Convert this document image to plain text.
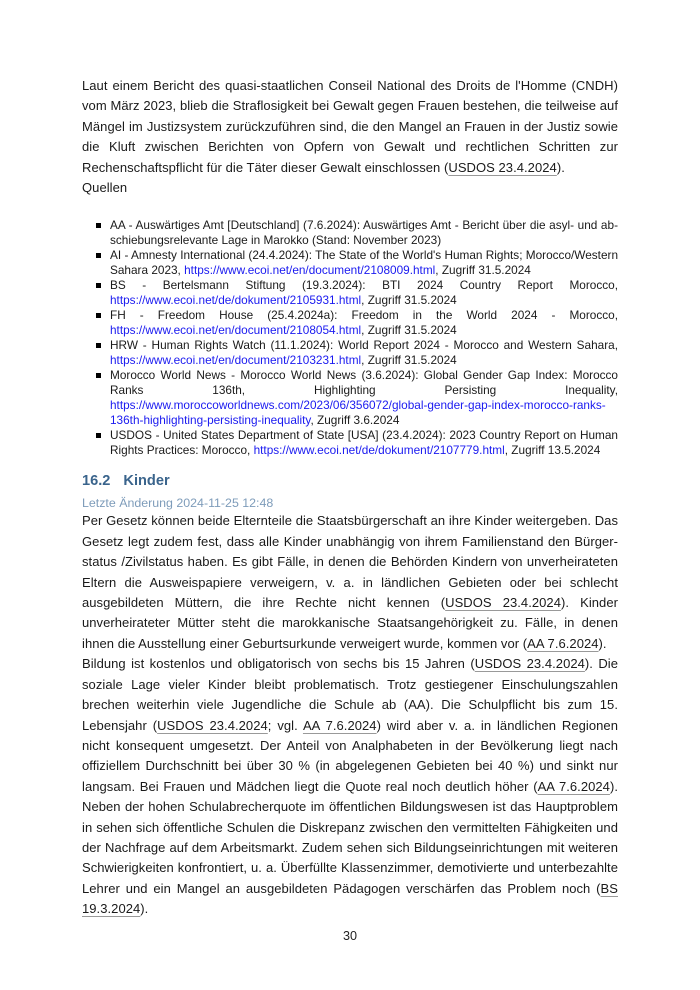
Laut einem Bericht des quasi-staatlichen Conseil National des Droits de l'Homme (CNDH) vom März 2023, blieb die Straflosigkeit bei Gewalt gegen Frauen bestehen, die teilweise auf Mängel im Justizsystem zurückzuführen sind, die den Mangel an Frauen in der Justiz sowie die Kluft zwischen Berichten von Opfern von Gewalt und rechtlichen Schritten zur Rechenschaftspflicht für die Täter dieser Gewalt einschlossen (USDOS 23.4.2024).

Quellen

AA - Auswärtiges Amt [Deutschland] (7.6.2024): Auswärtiges Amt - Bericht über die asyl- und abschiebungsrelevante Lage in Marokko (Stand: November 2023)
AI - Amnesty International (24.4.2024): The State of the World's Human Rights; Morocco/Western Sahara 2023, https://www.ecoi.net/en/document/2108009.html, Zugriff 31.5.2024
BS - Bertelsmann Stiftung (19.3.2024): BTI 2024 Country Report Morocco, https://www.ecoi.net/de/dokument/2105931.html, Zugriff 31.5.2024
FH - Freedom House (25.4.2024a): Freedom in the World 2024 - Morocco, https://www.ecoi.net/en/document/2108054.html, Zugriff 31.5.2024
HRW - Human Rights Watch (11.1.2024): World Report 2024 - Morocco and Western Sahara, https://www.ecoi.net/en/document/2103231.html, Zugriff 31.5.2024
Morocco World News - Morocco World News (3.6.2024): Global Gender Gap Index: Morocco Ranks 136th, Highlighting Persisting Inequality, https://www.moroccoworldnews.com/2023/06/356072/global-gender-gap-index-morocco-ranks-136th-highlighting-persisting-inequality, Zugriff 3.6.2024
USDOS - United States Department of State [USA] (23.4.2024): 2023 Country Report on Human Rights Practices: Morocco, https://www.ecoi.net/de/dokument/2107779.html, Zugriff 13.5.2024
16.2 Kinder
Letzte Änderung 2024-11-25 12:48

Per Gesetz können beide Elternteile die Staatsbürgerschaft an ihre Kinder weitergeben. Das Gesetz legt zudem fest, dass alle Kinder unabhängig von ihrem Familienstand den Bürgerstatus /Zivilstatus haben. Es gibt Fälle, in denen die Behörden Kindern von unverheirateten Eltern die Ausweispapiere verweigern, v. a. in ländlichen Gebieten oder bei schlecht ausgebildeten Müttern, die ihre Rechte nicht kennen (USDOS 23.4.2024). Kinder unverheirateter Mütter steht die marokkanische Staatsangehörigkeit zu. Fälle, in denen ihnen die Ausstellung einer Geburtsurkunde verweigert wurde, kommen vor (AA 7.6.2024).

Bildung ist kostenlos und obligatorisch von sechs bis 15 Jahren (USDOS 23.4.2024). Die soziale Lage vieler Kinder bleibt problematisch. Trotz gestiegener Einschulungszahlen brechen weiterhin viele Jugendliche die Schule ab (AA). Die Schulpflicht bis zum 15. Lebensjahr (USDOS 23.4.2024; vgl. AA 7.6.2024) wird aber v. a. in ländlichen Regionen nicht konsequent umgesetzt. Der Anteil von Analphabeten in der Bevölkerung liegt nach offiziellem Durchschnitt bei über 30 % (in abgelegenen Gebieten bei 40 %) und sinkt nur langsam. Bei Frauen und Mädchen liegt die Quote real noch deutlich höher (AA 7.6.2024). Neben der hohen Schulabrecherquote im öffentlichen Bildungswesen ist das Hauptproblem in sehen sich öffentliche Schulen die Diskrepanz zwischen den vermittelten Fähigkeiten und der Nachfrage auf dem Arbeitsmarkt. Zudem sehen sich Bildungseinrichtungen mit weiteren Schwierigkeiten konfrontiert, u. a. Überfüllte Klassenzimmer, demotivierte und unterbezahlte Lehrer und ein Mangel an ausgebildeten Pädagogen verschärfen das Problem noch (BS 19.3.2024).

30
